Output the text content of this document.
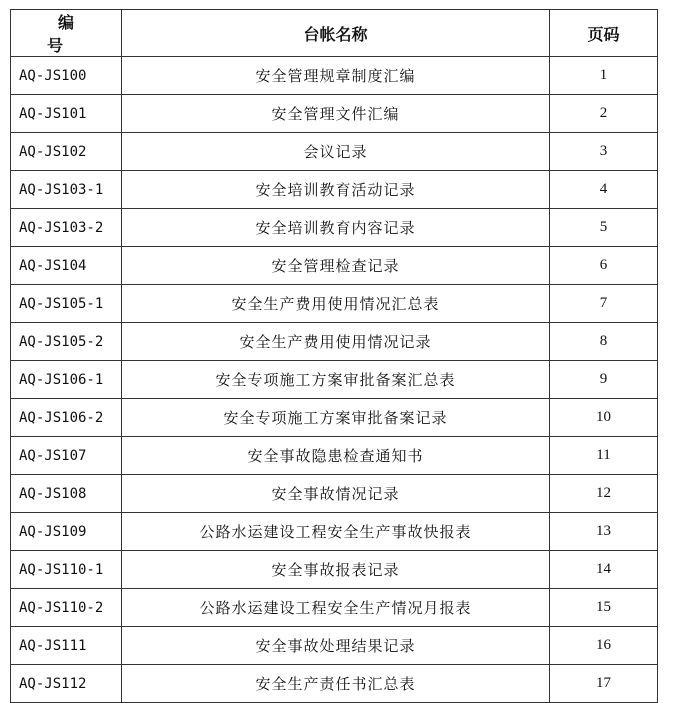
编 号	台帐名称	页码
AQ-JS100	安全管理规章制度汇编	1
AQ-JS101	安全管理文件汇编	2
AQ-JS102	会议记录	3
AQ-JS103-1	安全培训教育活动记录	4
AQ-JS103-2	安全培训教育内容记录	5
AQ-JS104	安全管理检查记录	6
AQ-JS105-1	安全生产费用使用情况汇总表	7
AQ-JS105-2	安全生产费用使用情况记录	8
AQ-JS106-1	安全专项施工方案审批备案汇总表	9
AQ-JS106-2	安全专项施工方案审批备案记录	10
AQ-JS107	安全事故隐患检查通知书	11
AQ-JS108	安全事故情况记录	12
AQ-JS109	公路水运建设工程安全生产事故快报表	13
AQ-JS110-1	安全事故报表记录	14
AQ-JS110-2	公路水运建设工程安全生产情况月报表	15
AQ-JS111	安全事故处理结果记录	16
AQ-JS112	安全生产责任书汇总表	17
